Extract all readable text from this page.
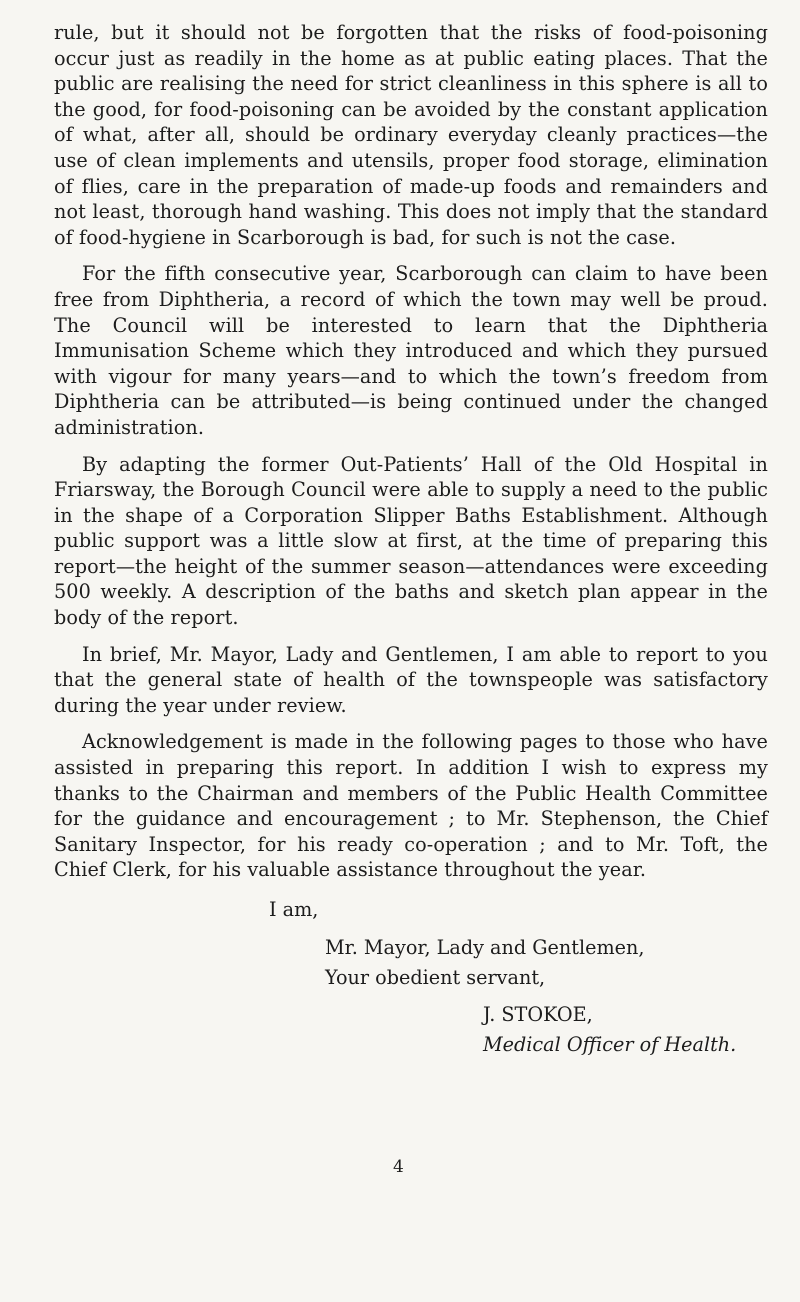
rule, but it should not be forgotten that the risks of food-poisoning occur just as readily in the home as at public eating places. That the public are realising the need for strict cleanliness in this sphere is all to the good, for food-poisoning can be avoided by the constant application of what, after all, should be ordinary everyday cleanly practices—the use of clean implements and utensils, proper food storage, elimination of flies, care in the preparation of made-up foods and remainders and not least, thorough hand washing. This does not imply that the standard of food-hygiene in Scarborough is bad, for such is not the case.

For the fifth consecutive year, Scarborough can claim to have been free from Diphtheria, a record of which the town may well be proud. The Council will be interested to learn that the Diphtheria Immunisation Scheme which they introduced and which they pursued with vigour for many years—and to which the town’s freedom from Diphtheria can be attributed—is being continued under the changed administration.

By adapting the former Out-Patients’ Hall of the Old Hospital in Friarsway, the Borough Council were able to supply a need to the public in the shape of a Corporation Slipper Baths Establishment. Although public support was a little slow at first, at the time of preparing this report—the height of the summer season—attendances were exceeding 500 weekly. A description of the baths and sketch plan appear in the body of the report.

In brief, Mr. Mayor, Lady and Gentlemen, I am able to report to you that the general state of health of the townspeople was satisfactory during the year under review.

Acknowledgement is made in the following pages to those who have assisted in preparing this report. In addition I wish to express my thanks to the Chairman and members of the Public Health Committee for the guidance and encouragement ; to Mr. Stephenson, the Chief Sanitary Inspector, for his ready co-operation ; and to Mr. Toft, the Chief Clerk, for his valuable assistance throughout the year.

I am,
Mr. Mayor, Lady and Gentlemen,
Your obedient servant,
J. STOKOE,
Medical Officer of Health.
4
